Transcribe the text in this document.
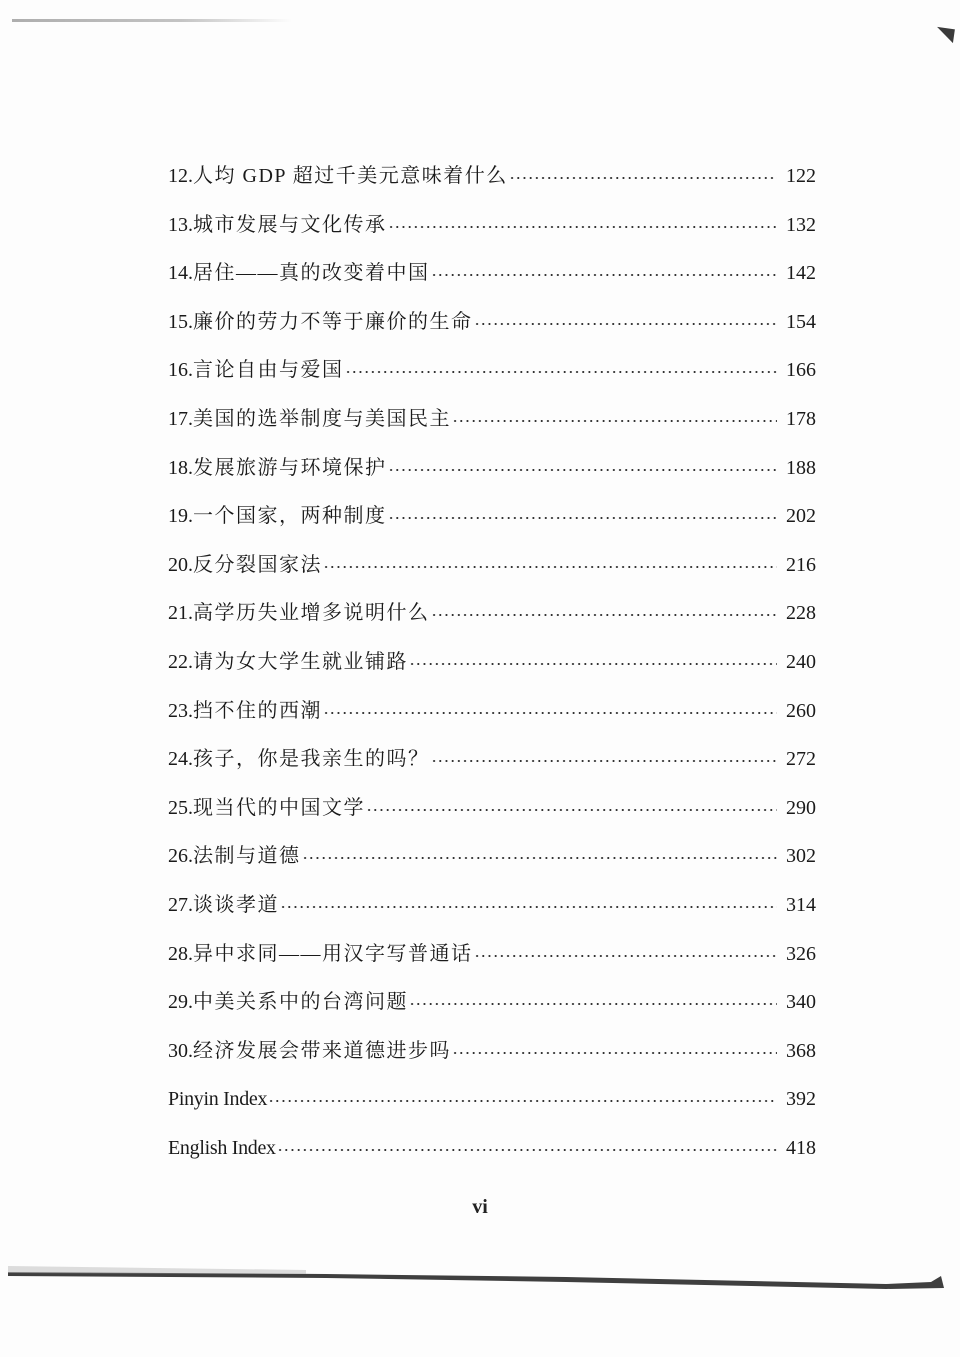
12.人均 GDP 超过千美元意味着什么	122
13.城市发展与文化传承	132
14.居住——真的改变着中国	142
15.廉价的劳力不等于廉价的生命	154
16.言论自由与爱国	166
17.美国的选举制度与美国民主	178
18.发展旅游与环境保护	188
19.一个国家，两种制度	202
20.反分裂国家法	216
21.高学历失业增多说明什么	228
22.请为女大学生就业铺路	240
23.挡不住的西潮	260
24.孩子，你是我亲生的吗？	272
25.现当代的中国文学	290
26.法制与道德	302
27.谈谈孝道	314
28.异中求同——用汉字写普通话	326
29.中美关系中的台湾问题	340
30.经济发展会带来道德进步吗	368
Pinyin Index	392
English Index	418
vi
